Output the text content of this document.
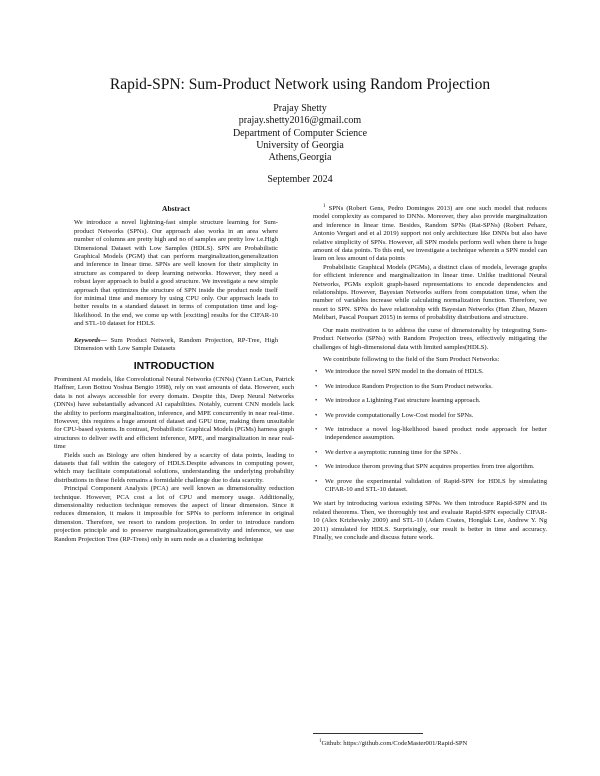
Rapid-SPN: Sum-Product Network using Random Projection
Prajay Shetty
prajay.shetty2016@gmail.com
Department of Computer Science
University of Georgia
Athens,Georgia
September 2024
Abstract

We introduce a novel lightning-fast simple structure learning for Sum-product Networks (SPNs). Our approach also works in an area where number of columns are pretty high and no of samples are pretty low i.e.High Dimensional Dataset with Low Samples (HDLS). SPN are Probabilistic Graphical Models (PGM) that can perform marginalization,generalization and inference in linear time. SPNs are well known for their simplicity in structure as compared to deep learning networks. However, they need a robust layer approach to build a good structure. We investigate a new simple approach that optimizes the structure of SPN inside the product node itself for minimal time and memory by using CPU only. Our approach leads to better results in a standard dataset in terms of computation time and log-likelihood. In the end, we come up with [exciting] results for the CIFAR-10 and STL-10 dataset for HDLS.

Keywords— Sum Product Network, Random Projection, RP-Tree, High Dimension with Low Sample Datasets

INTRODUCTION

Prominent AI models, like Convolutional Neural Networks (CNNs) (Yann LeCun, Patrick Haffner, Leon Bottou Yoshua Bengio 1998), rely on vast amounts of data. However, such data is not always accessible for every domain. Despite this, Deep Neural Networks (DNNs) have substantially advanced AI capabilities. Notably, current CNN models lack the ability to perform marginalization, inference, and MPE concurrently in near real-time. However, this requires a huge amount of dataset and GPU time, making them unsuitable for CPU-based systems. In contrast, Probabilistic Graphical Models (PGMs) harness graph structures to deliver swift and efficient inference, MPE, and marginalization in near real-time

Fields such as Biology are often hindered by a scarcity of data points, leading to datasets that fall within the category of HDLS.Despite advances in computing power, which may facilitate computational solutions, understanding the underlying probability distributions in these fields remains a formidable challenge due to data scarcity.

Principal Component Analysis (PCA) are well known as dimensionality reduction technique. However, PCA cost a lot of CPU and memory usage. Additionally, dimensionality reduction technique removes the aspect of linear dimension. Since it reduces dimension, it makes it impossible for SPNs to perform inference in original dimension. Therefore, we resort to random projection. In order to introduce random projection principle and to preserve marginalization,generativity and inference, we use Random Projection Tree (RP-Trees) only in sum node as a clustering technique

$^1$ SPNs (Robert Gens, Pedro Domingos 2013) are one such model that reduces model complexity as compared to DNNs. Moreover, they also provide marginalization and inference in linear time. Besides, Random SPNs (Rat-SPNs) (Robert Peharz, Antonio Vergari and et al 2019) support not only architecture like DNNs but also have relative simplicity of SPNs. However, all SPN models perform well when there is huge amount of data points. To this end, we investigate a technique wherein a SPN model can learn on less amount of data points

Probabilistic Graphical Models (PGMs), a distinct class of models, leverage graphs for efficient inference and marginalization in linear time. Unlike traditional Neural Networks, PGMs exploit graph-based representations to encode dependencies and relationships. However, Bayesian Networks suffers from computation time, when the number of variables increase while calculating normalization function. Therefore, we resort to SPN. SPNs do have relationship with Bayesian Networks (Han Zhao, Mazen Melibari, Pascal Poupart 2015) in terms of probability distributions and structure.

Our main motivation is to address the curse of dimensionality by integrating Sum-Product Networks (SPNs) with Random Projection trees, effectively mitigating the challenges of high-dimensional data with limited samples(HDLS).

We contribute following to the field of the Sum Product Networks:

• We introduce the novel SPN model in the domain of HDLS.
• We introduce Random Projection to the Sum Product networks.
• We introduce a Lightning Fast structure learning approach.
• We provide computationally Low-Cost model for SPNs.
• We introduce a novel log-likelihood based product node approach for better independence assumption.
• We derive a asymptotic running time for the SPNs .
• We introduce therom proving that SPN acquires properties from tree algorithm.
• We prove the experimental validation of Rapid-SPN for HDLS by simulating CIFAR-10 and STL-10 dataset.

We start by introducing various existing SPNs. We then introduce Rapid-SPN and its related theorems. Then, we thoroughly test and evaluate Rapid-SPN especially CIFAR-10 (Alex Krizhevsky 2009) and STL-10 (Adam Coates, Honglak Lee, Andrew Y. Ng 2011) simulated for HDLS. Surprisingly, our result is better in time and accuracy. Finally, we conclude and discuss future work.

$^1$Github: https://github.com/CodeMaster001/Rapid-SPN
